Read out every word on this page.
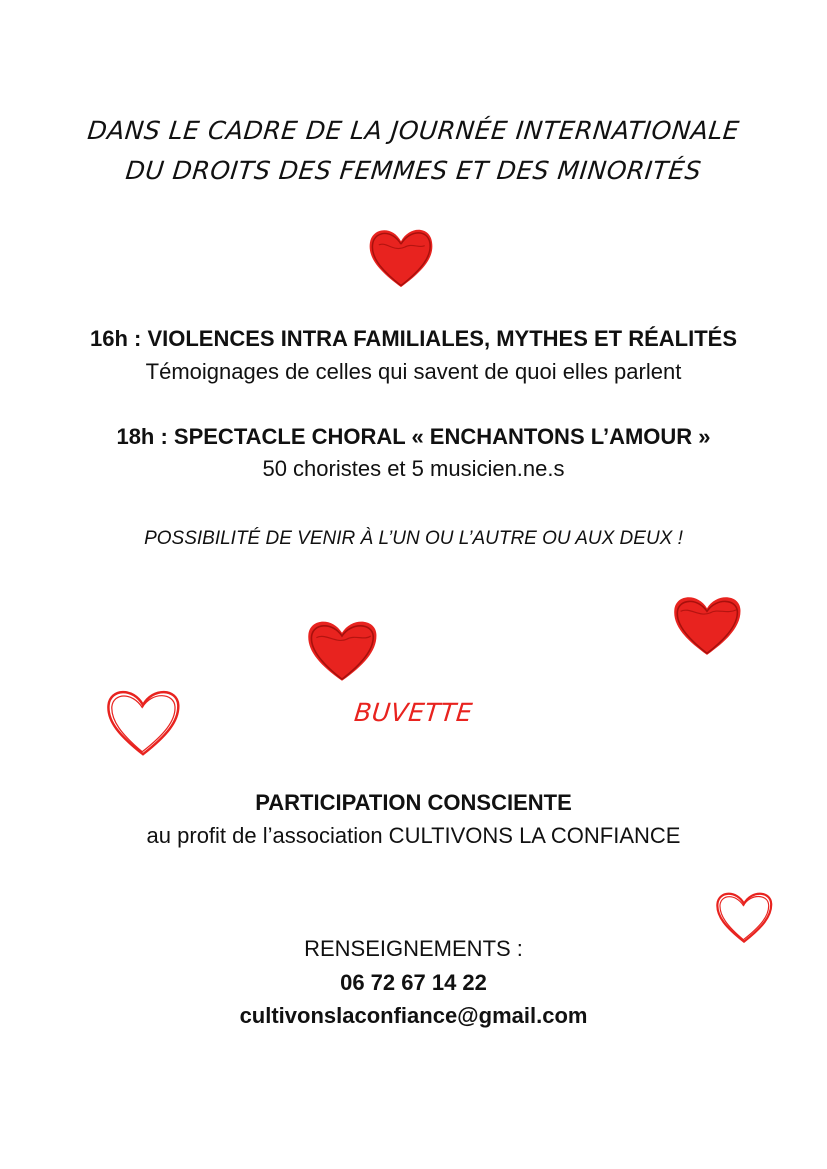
DANS LE CADRE DE LA JOURNÉE INTERNATIONALE
DU DROITS DES FEMMES ET DES MINORITÉS
16h : VIOLENCES INTRA FAMILIALES, MYTHES ET RÉALITÉS
Témoignages de celles qui savent de quoi elles parlent
18h : SPECTACLE CHORAL « ENCHANTONS L’AMOUR »
50 choristes et 5 musicien.ne.s
POSSIBILITÉ DE VENIR À L’UN OU L’AUTRE OU AUX DEUX !
BUVETTE
PARTICIPATION CONSCIENTE
au profit de l’association CULTIVONS LA CONFIANCE
RENSEIGNEMENTS :
06 72 67 14 22
cultivonslaconfiance@gmail.com
